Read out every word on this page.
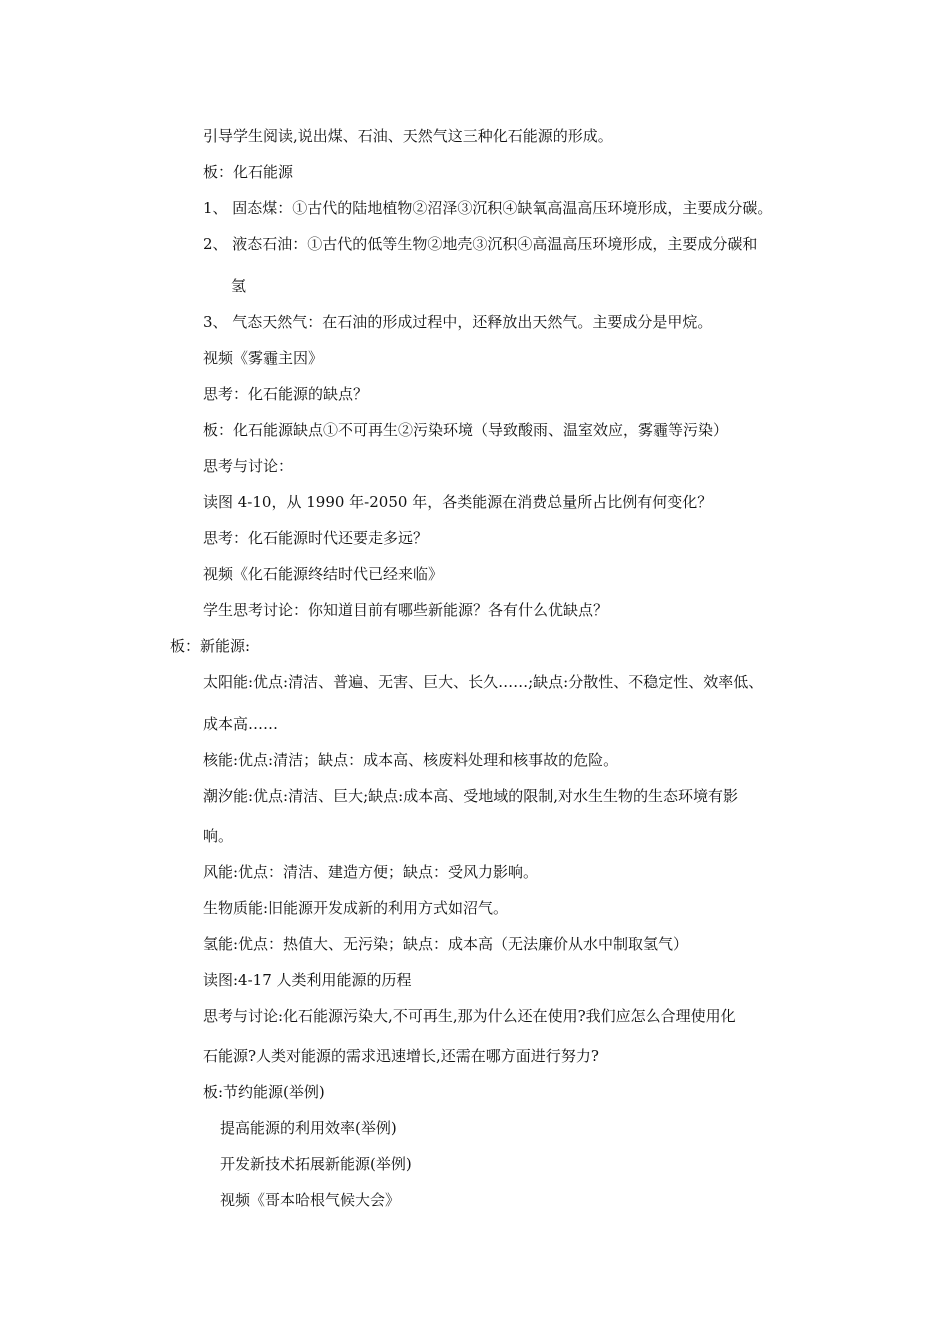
引导学生阅读,说出煤、石油、天然气这三种化石能源的形成。
板：化石能源
1、 固态煤：①古代的陆地植物②沼泽③沉积④缺氧高温高压环境形成，主要成分碳。
2、 液态石油：①古代的低等生物②地壳③沉积④高温高压环境形成，主要成分碳和
氢
3、 气态天然气：在石油的形成过程中，还释放出天然气。主要成分是甲烷。
视频《雾霾主因》
思考：化石能源的缺点？
板：化石能源缺点①不可再生②污染环境（导致酸雨、温室效应，雾霾等污染）
思考与讨论：
读图 4-10，从 1990 年-2050 年，各类能源在消费总量所占比例有何变化？
思考：化石能源时代还要走多远？
视频《化石能源终结时代已经来临》
学生思考讨论：你知道目前有哪些新能源？各有什么优缺点？
板：新能源:
太阳能:优点:清洁、普遍、无害、巨大、长久……;缺点:分散性、不稳定性、效率低、
成本高……
核能:优点:清洁；缺点：成本高、核废料处理和核事故的危险。
潮汐能:优点:清洁、巨大;缺点:成本高、受地域的限制,对水生生物的生态环境有影
响。
风能:优点：清洁、建造方便；缺点：受风力影响。
生物质能:旧能源开发成新的利用方式如沼气。
氢能:优点：热值大、无污染；缺点：成本高（无法廉价从水中制取氢气）
读图:4-17 人类利用能源的历程
思考与讨论:化石能源污染大,不可再生,那为什么还在使用?我们应怎么合理使用化
石能源?人类对能源的需求迅速增长,还需在哪方面进行努力?
板:节约能源(举例)
提高能源的利用效率(举例)
开发新技术拓展新能源(举例)
视频《哥本哈根气候大会》
